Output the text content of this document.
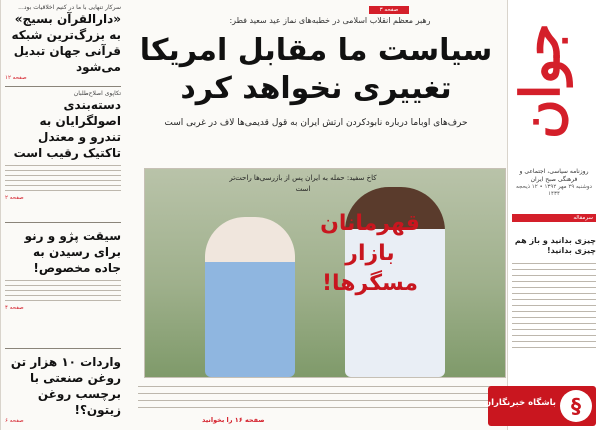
جوان
روزنامه سیاسی، اجتماعی و فرهنگی صبح ایران
دوشنبه ۲۹ مهر ۱۳۹۲ • ۱۲ ذیحجه ۱۴۳۴
سرمقاله
چیزی بدانید و باز هم چیزی بدانید!
صفحه ۳
رهبر معظم انقلاب اسلامی در خطبه‌های نماز عید سعید فطر:
سیاست ما مقابل امریکا تغییری نخواهد کرد
حرف‌های اوباما درباره نابودکردن ارتش ایران به قول قدیمی‌ها لاف در غربی است
کاخ سفید: حمله به ایران پس از بازرسی‌ها راحت‌تر است
قهرمانان بازار مسگرها!
صفحه ۱۶ را بخوانید
سرکار تنهایی با ما در کنیم اخلاقیات بود...
«دارالقرآن بسیج» به بزرگ‌ترین شبکه قرآنی جهان تبدیل می‌شود
صفحه ۱۲
تکاپوی اصلاح‌طلبان
دسته‌بندی اصولگرایان به تندرو و معتدل تاکتیک رقیب است
صفحه ۲
سیقت پژو و رنو برای رسیدن به جاده مخصوص!
صفحه ۴
واردات ۱۰ هزار تن روغن صنعتی با برچسب روغن زیتون؟!
صفحه ۶
§
باشگاه خبرنگاران
